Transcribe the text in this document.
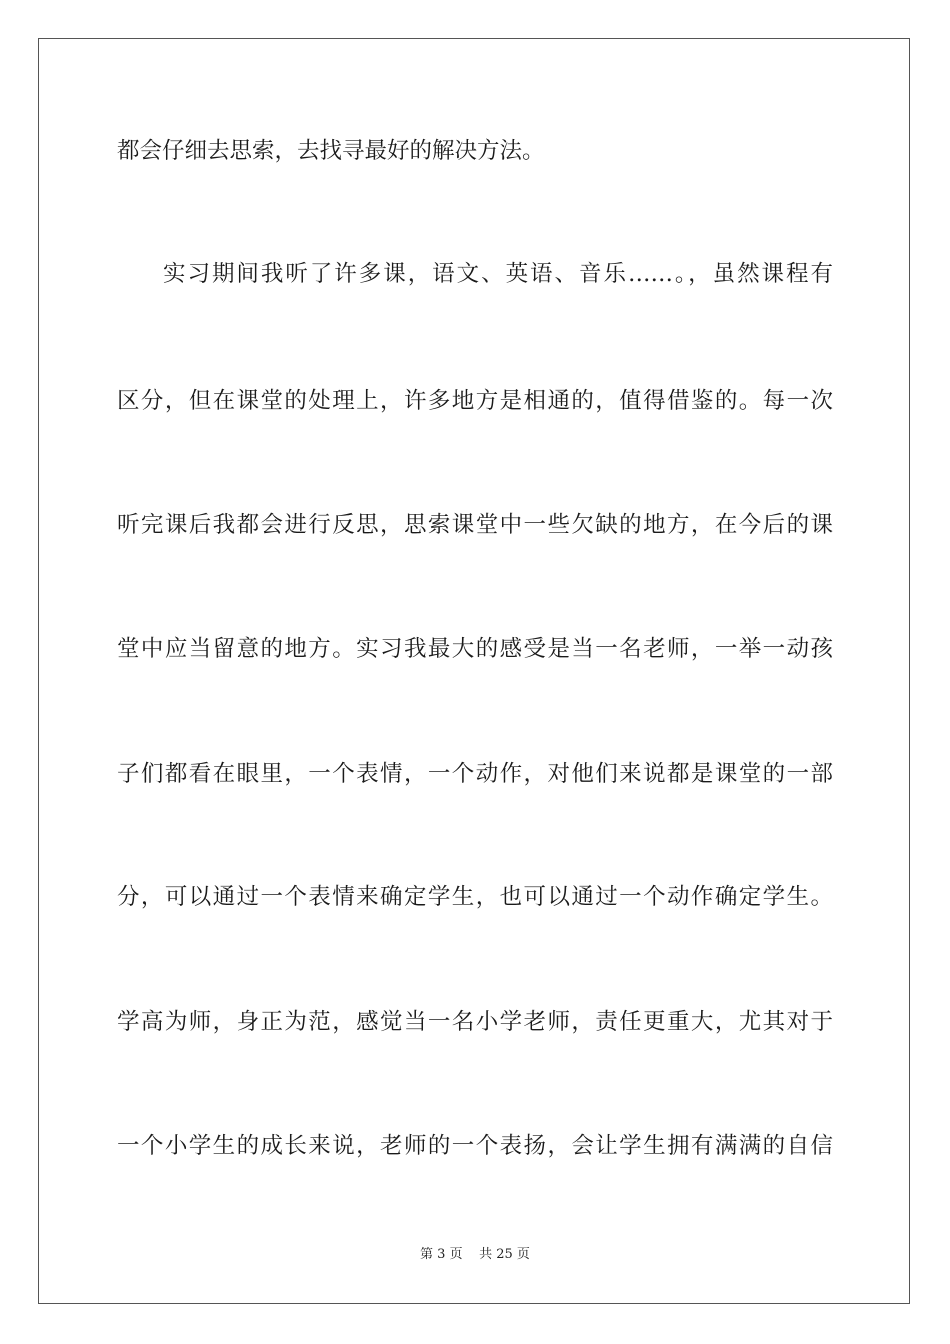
都会仔细去思索，去找寻最好的解决方法。
实习期间我听了许多课，语文、英语、音乐……。，虽然课程有
区分，但在课堂的处理上，许多地方是相通的，值得借鉴的。每一次
听完课后我都会进行反思，思索课堂中一些欠缺的地方，在今后的课
堂中应当留意的地方。实习我最大的感受是当一名老师，一举一动孩
子们都看在眼里，一个表情，一个动作，对他们来说都是课堂的一部
分，可以通过一个表情来确定学生，也可以通过一个动作确定学生。
学高为师，身正为范，感觉当一名小学老师，责任更重大，尤其对于
一个小学生的成长来说，老师的一个表扬，会让学生拥有满满的自信
第 3 页 共 25 页
